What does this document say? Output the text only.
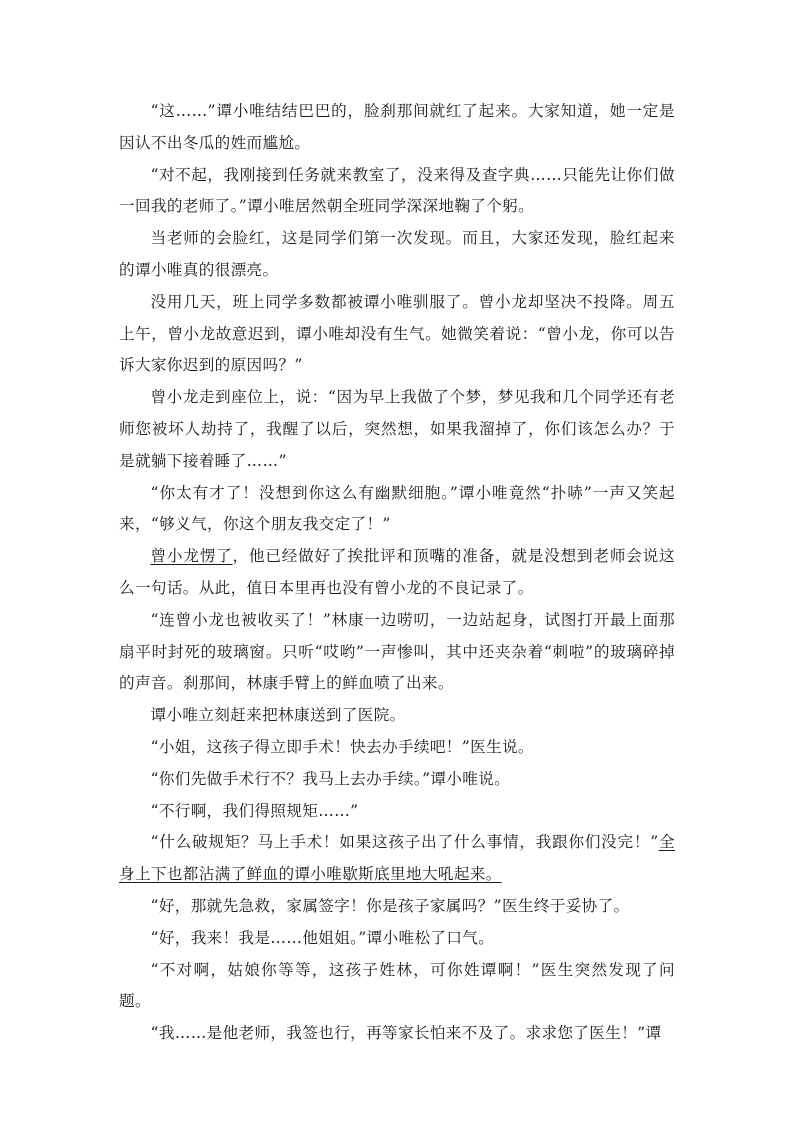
“这……”谭小唯结结巴巴的，脸刹那间就红了起来。大家知道，她一定是因认不出冬瓜的姓而尴尬。

“对不起，我刚接到任务就来教室了，没来得及查字典……只能先让你们做一回我的老师了。”谭小唯居然朝全班同学深深地鞠了个躬。

当老师的会脸红，这是同学们第一次发现。而且，大家还发现，脸红起来的谭小唯真的很漂亮。

没用几天，班上同学多数都被谭小唯驯服了。曾小龙却坚决不投降。周五上午，曾小龙故意迟到，谭小唯却没有生气。她微笑着说：“曾小龙，你可以告诉大家你迟到的原因吗？”

曾小龙走到座位上，说：“因为早上我做了个梦，梦见我和几个同学还有老师您被坏人劫持了，我醒了以后，突然想，如果我溜掉了，你们该怎么办？于是就躺下接着睡了……”

“你太有才了！没想到你这么有幽默细胞。”谭小唯竟然“扑哧”一声又笑起来，“够义气，你这个朋友我交定了！”

曾小龙愣了，他已经做好了挨批评和顶嘴的准备，就是没想到老师会说这么一句话。从此，值日本里再也没有曾小龙的不良记录了。

“连曾小龙也被收买了！”林康一边唠叨，一边站起身，试图打开最上面那扇平时封死的玻璃窗。只听“哎哟”一声惨叫，其中还夹杂着“刺啦”的玻璃碎掉的声音。刹那间，林康手臂上的鲜血喷了出来。

谭小唯立刻赶来把林康送到了医院。

“小姐，这孩子得立即手术！快去办手续吧！”医生说。

“你们先做手术行不？我马上去办手续。”谭小唯说。

“不行啊，我们得照规矩……”

“什么破规矩？马上手术！如果这孩子出了什么事情，我跟你们没完！”全身上下也都沾满了鲜血的谭小唯歇斯底里地大吼起来。

“好，那就先急救，家属签字！你是孩子家属吗？”医生终于妥协了。

“好，我来！我是……他姐姐。”谭小唯松了口气。

“不对啊，姑娘你等等，这孩子姓林，可你姓谭啊！”医生突然发现了问题。

“我……是他老师，我签也行，再等家长怕来不及了。求求您了医生！”谭
